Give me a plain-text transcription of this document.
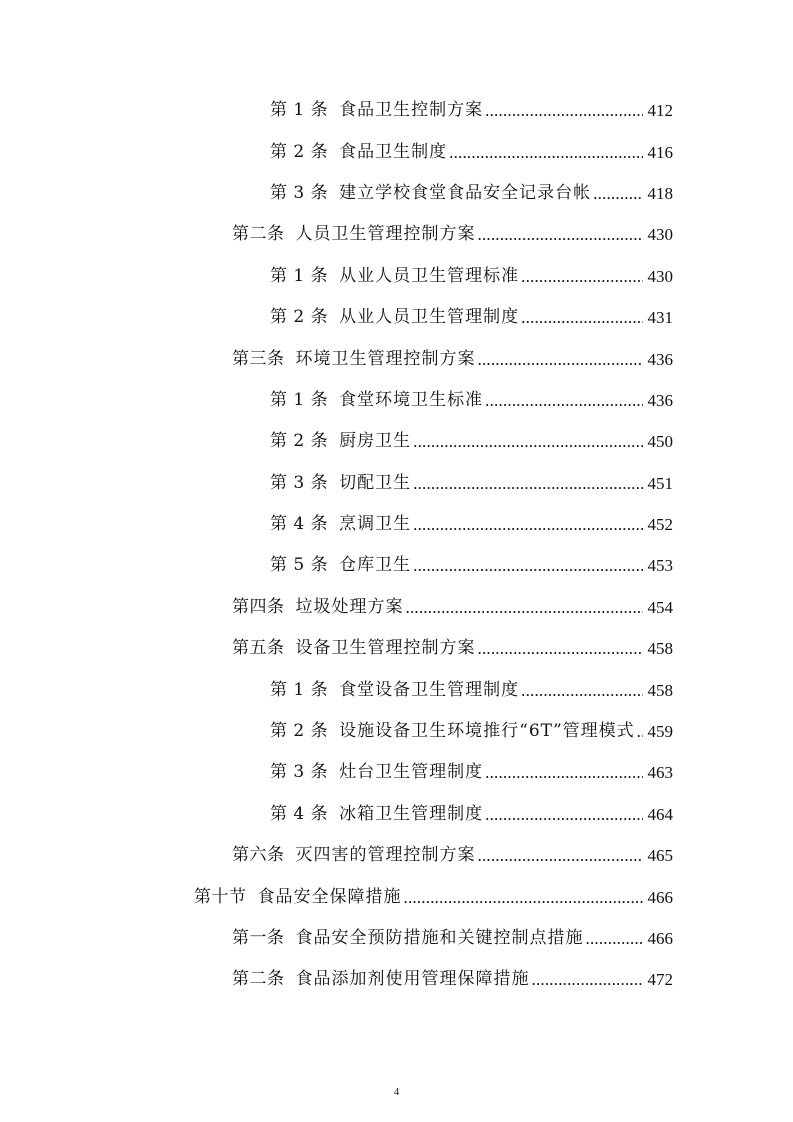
第 1 条 食品卫生控制方案 .....	412
第 2 条 食品卫生制度 .....	416
第 3 条 建立学校食堂食品安全记录台帐 .....	418
第二条 人员卫生管理控制方案 .....	430
第 1 条 从业人员卫生管理标准 .....	430
第 2 条 从业人员卫生管理制度 .....	431
第三条 环境卫生管理控制方案 .....	436
第 1 条 食堂环境卫生标准 .....	436
第 2 条 厨房卫生 .....	450
第 3 条 切配卫生 .....	451
第 4 条 烹调卫生 .....	452
第 5 条 仓库卫生 .....	453
第四条 垃圾处理方案 .....	454
第五条 设备卫生管理控制方案 .....	458
第 1 条 食堂设备卫生管理制度 .....	458
第 2 条 设施设备卫生环境推行“6T”管理模式 ..... 459
第 3 条 灶台卫生管理制度 .....	463
第 4 条 冰箱卫生管理制度 .....	464
第六条 灭四害的管理控制方案 .....	465
第十节 食品安全保障措施 .....	466
第一条 食品安全预防措施和关键控制点措施 .....	466
第二条 食品添加剂使用管理保障措施 .....	472
4
